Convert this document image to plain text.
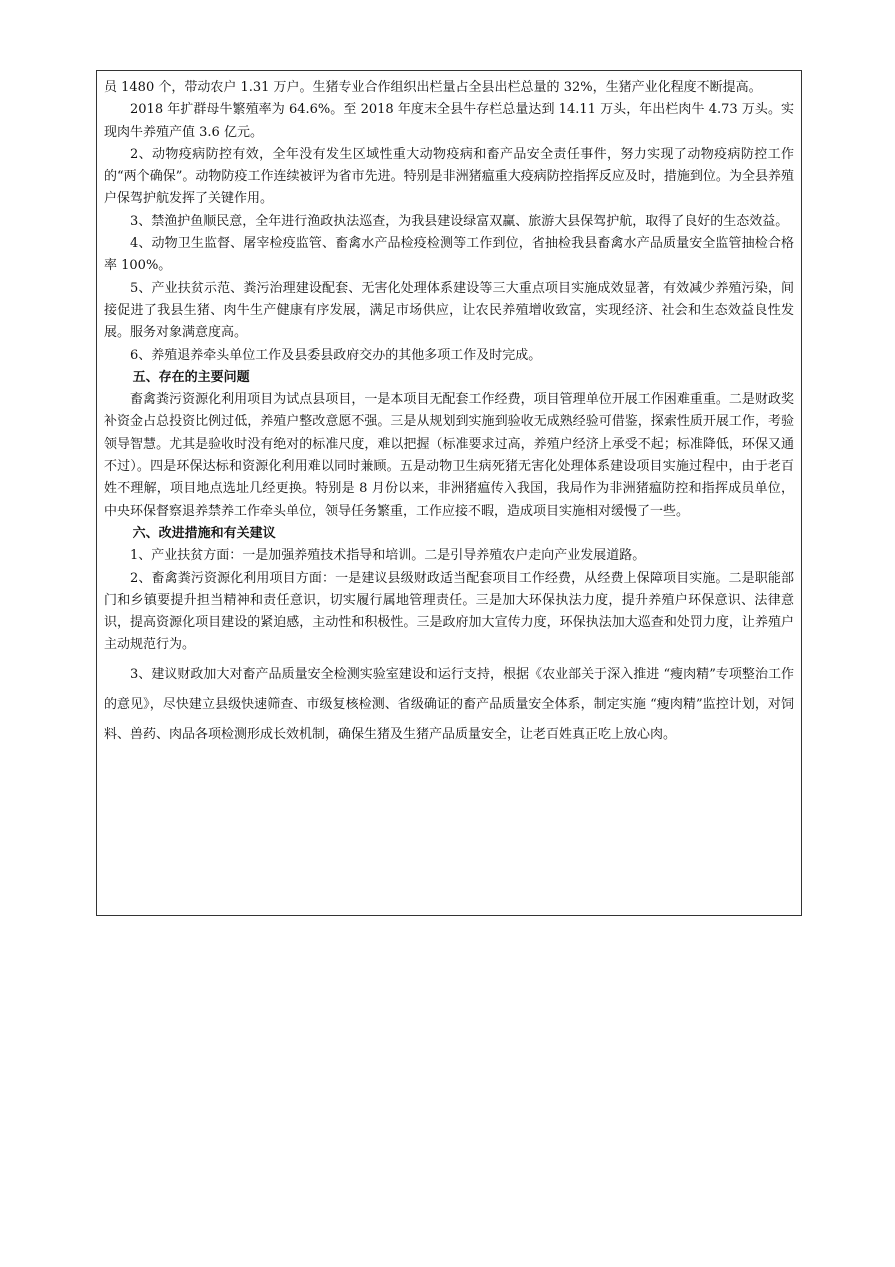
员 1480 个，带动农户 1.31 万户。生猪专业合作组织出栏量占全县出栏总量的 32%，生猪产业化程度不断提高。

2018 年扩群母牛繁殖率为 64.6%。至 2018 年度末全县牛存栏总量达到 14.11 万头，年出栏肉牛 4.73 万头。实现肉牛养殖产值 3.6 亿元。

2、动物疫病防控有效，全年没有发生区域性重大动物疫病和畜产品安全责任事件，努力实现了动物疫病防控工作的“两个确保”。动物防疫工作连续被评为省市先进。特别是非洲猪瘟重大疫病防控指挥反应及时，措施到位。为全县养殖户保驾护航发挥了关键作用。

3、禁渔护鱼顺民意，全年进行渔政执法巡查，为我县建设绿富双赢、旅游大县保驾护航，取得了良好的生态效益。

4、动物卫生监督、屠宰检疫监管、畜禽水产品检疫检测等工作到位，省抽检我县畜禽水产品质量安全监管抽检合格率 100%。

5、产业扶贫示范、粪污治理建设配套、无害化处理体系建设等三大重点项目实施成效显著，有效减少养殖污染，间接促进了我县生猪、肉牛生产健康有序发展，满足市场供应，让农民养殖增收致富，实现经济、社会和生态效益良性发展。服务对象满意度高。

6、养殖退养牵头单位工作及县委县政府交办的其他多项工作及时完成。

五、存在的主要问题

畜禽粪污资源化利用项目为试点县项目，一是本项目无配套工作经费，项目管理单位开展工作困难重重。二是财政奖补资金占总投资比例过低，养殖户整改意愿不强。三是从规划到实施到验收无成熟经验可借鉴，探索性质开展工作，考验领导智慧。尤其是验收时没有绝对的标准尺度，难以把握（标准要求过高，养殖户经济上承受不起；标准降低，环保又通不过）。四是环保达标和资源化利用难以同时兼顾。五是动物卫生病死猪无害化处理体系建设项目实施过程中，由于老百姓不理解，项目地点选址几经更换。特别是 8 月份以来，非洲猪瘟传入我国，我局作为非洲猪瘟防控和指挥成员单位，中央环保督察退养禁养工作牵头单位，领导任务繁重，工作应接不暇，造成项目实施相对缓慢了一些。

六、改进措施和有关建议

1、产业扶贫方面：一是加强养殖技术指导和培训。二是引导养殖农户走向产业发展道路。

2、畜禽粪污资源化利用项目方面：一是建议县级财政适当配套项目工作经费，从经费上保障项目实施。二是职能部门和乡镇要提升担当精神和责任意识，切实履行属地管理责任。三是加大环保执法力度，提升养殖户环保意识、法律意识，提高资源化项目建设的紧迫感，主动性和积极性。三是政府加大宣传力度，环保执法加大巡查和处罚力度，让养殖户主动规范行为。

3、建议财政加大对畜产品质量安全检测实验室建设和运行支持，根据《农业部关于深入推进 “瘦肉精”专项整治工作的意见》，尽快建立县级快速筛查、市级复核检测、省级确证的畜产品质量安全体系，制定实施 “瘦肉精”监控计划，对饲料、兽药、肉品各项检测形成长效机制，确保生猪及生猪产品质量安全，让老百姓真正吃上放心肉。
